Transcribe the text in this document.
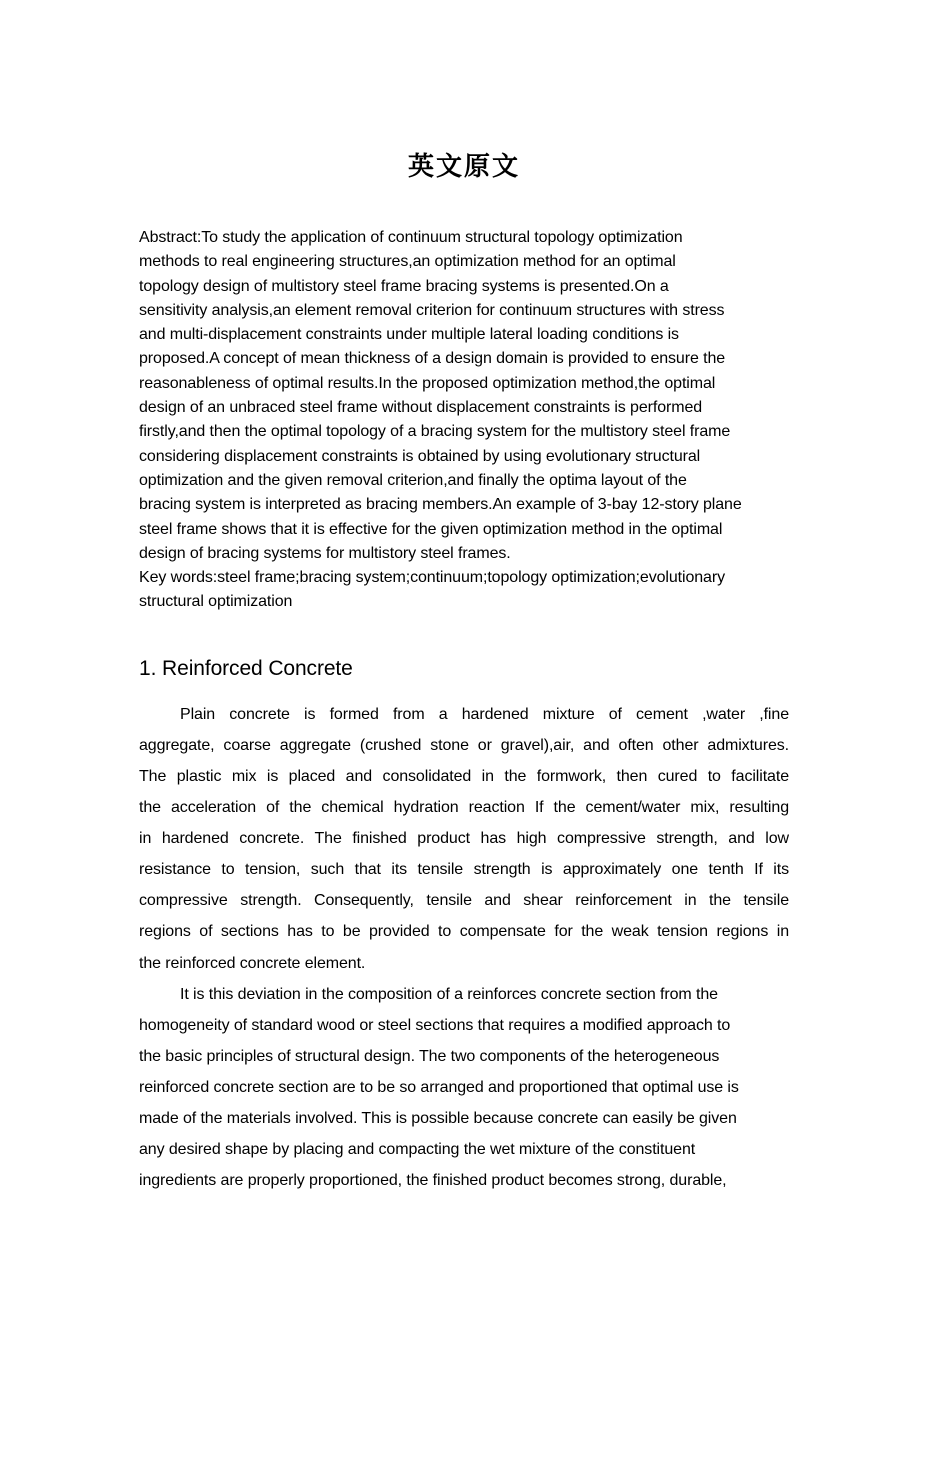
英文原文
Abstract:To study the application of continuum structural topology optimization
methods to real engineering structures,an optimization method for an optimal
topology design of multistory steel frame bracing systems is presented.On a
sensitivity analysis,an element removal criterion for continuum structures with stress
and multi-displacement constraints under multiple lateral loading conditions is
proposed.A concept of mean thickness of a design domain is provided to ensure the
reasonableness of optimal results.In the proposed optimization method,the optimal
design of an unbraced steel frame without displacement constraints is performed
firstly,and then the optimal topology of a bracing system for the multistory steel frame
considering displacement constraints is obtained by using evolutionary structural
optimization and the given removal criterion,and finally the optima layout of the
bracing system is interpreted as bracing members.An example of 3-bay 12-story plane
steel frame shows that it is effective for the given optimization method in the optimal
design of bracing systems for multistory steel frames.
Key words:steel frame;bracing system;continuum;topology optimization;evolutionary
structural optimization
1. Reinforced Concrete
Plain concrete is formed from a hardened mixture of cement ,water ,fine
aggregate, coarse aggregate (crushed stone or gravel),air, and often other admixtures.
The plastic mix is placed and consolidated in the formwork, then cured to facilitate
the acceleration of the chemical hydration reaction If the cement/water mix, resulting
in hardened concrete. The finished product has high compressive strength, and low
resistance to tension, such that its tensile strength is approximately one tenth If its
compressive strength. Consequently, tensile and shear reinforcement in the tensile
regions of sections has to be provided to compensate for the weak tension regions in
the reinforced concrete element.
It is this deviation in the composition of a reinforces concrete section from the
homogeneity of standard wood or steel sections that requires a modified approach to
the basic principles of structural design. The two components of the heterogeneous
reinforced concrete section are to be so arranged and proportioned that optimal use is
made of the materials involved. This is possible because concrete can easily be given
any desired shape by placing and compacting the wet mixture of the constituent
ingredients are properly proportioned, the finished product becomes strong, durable,
